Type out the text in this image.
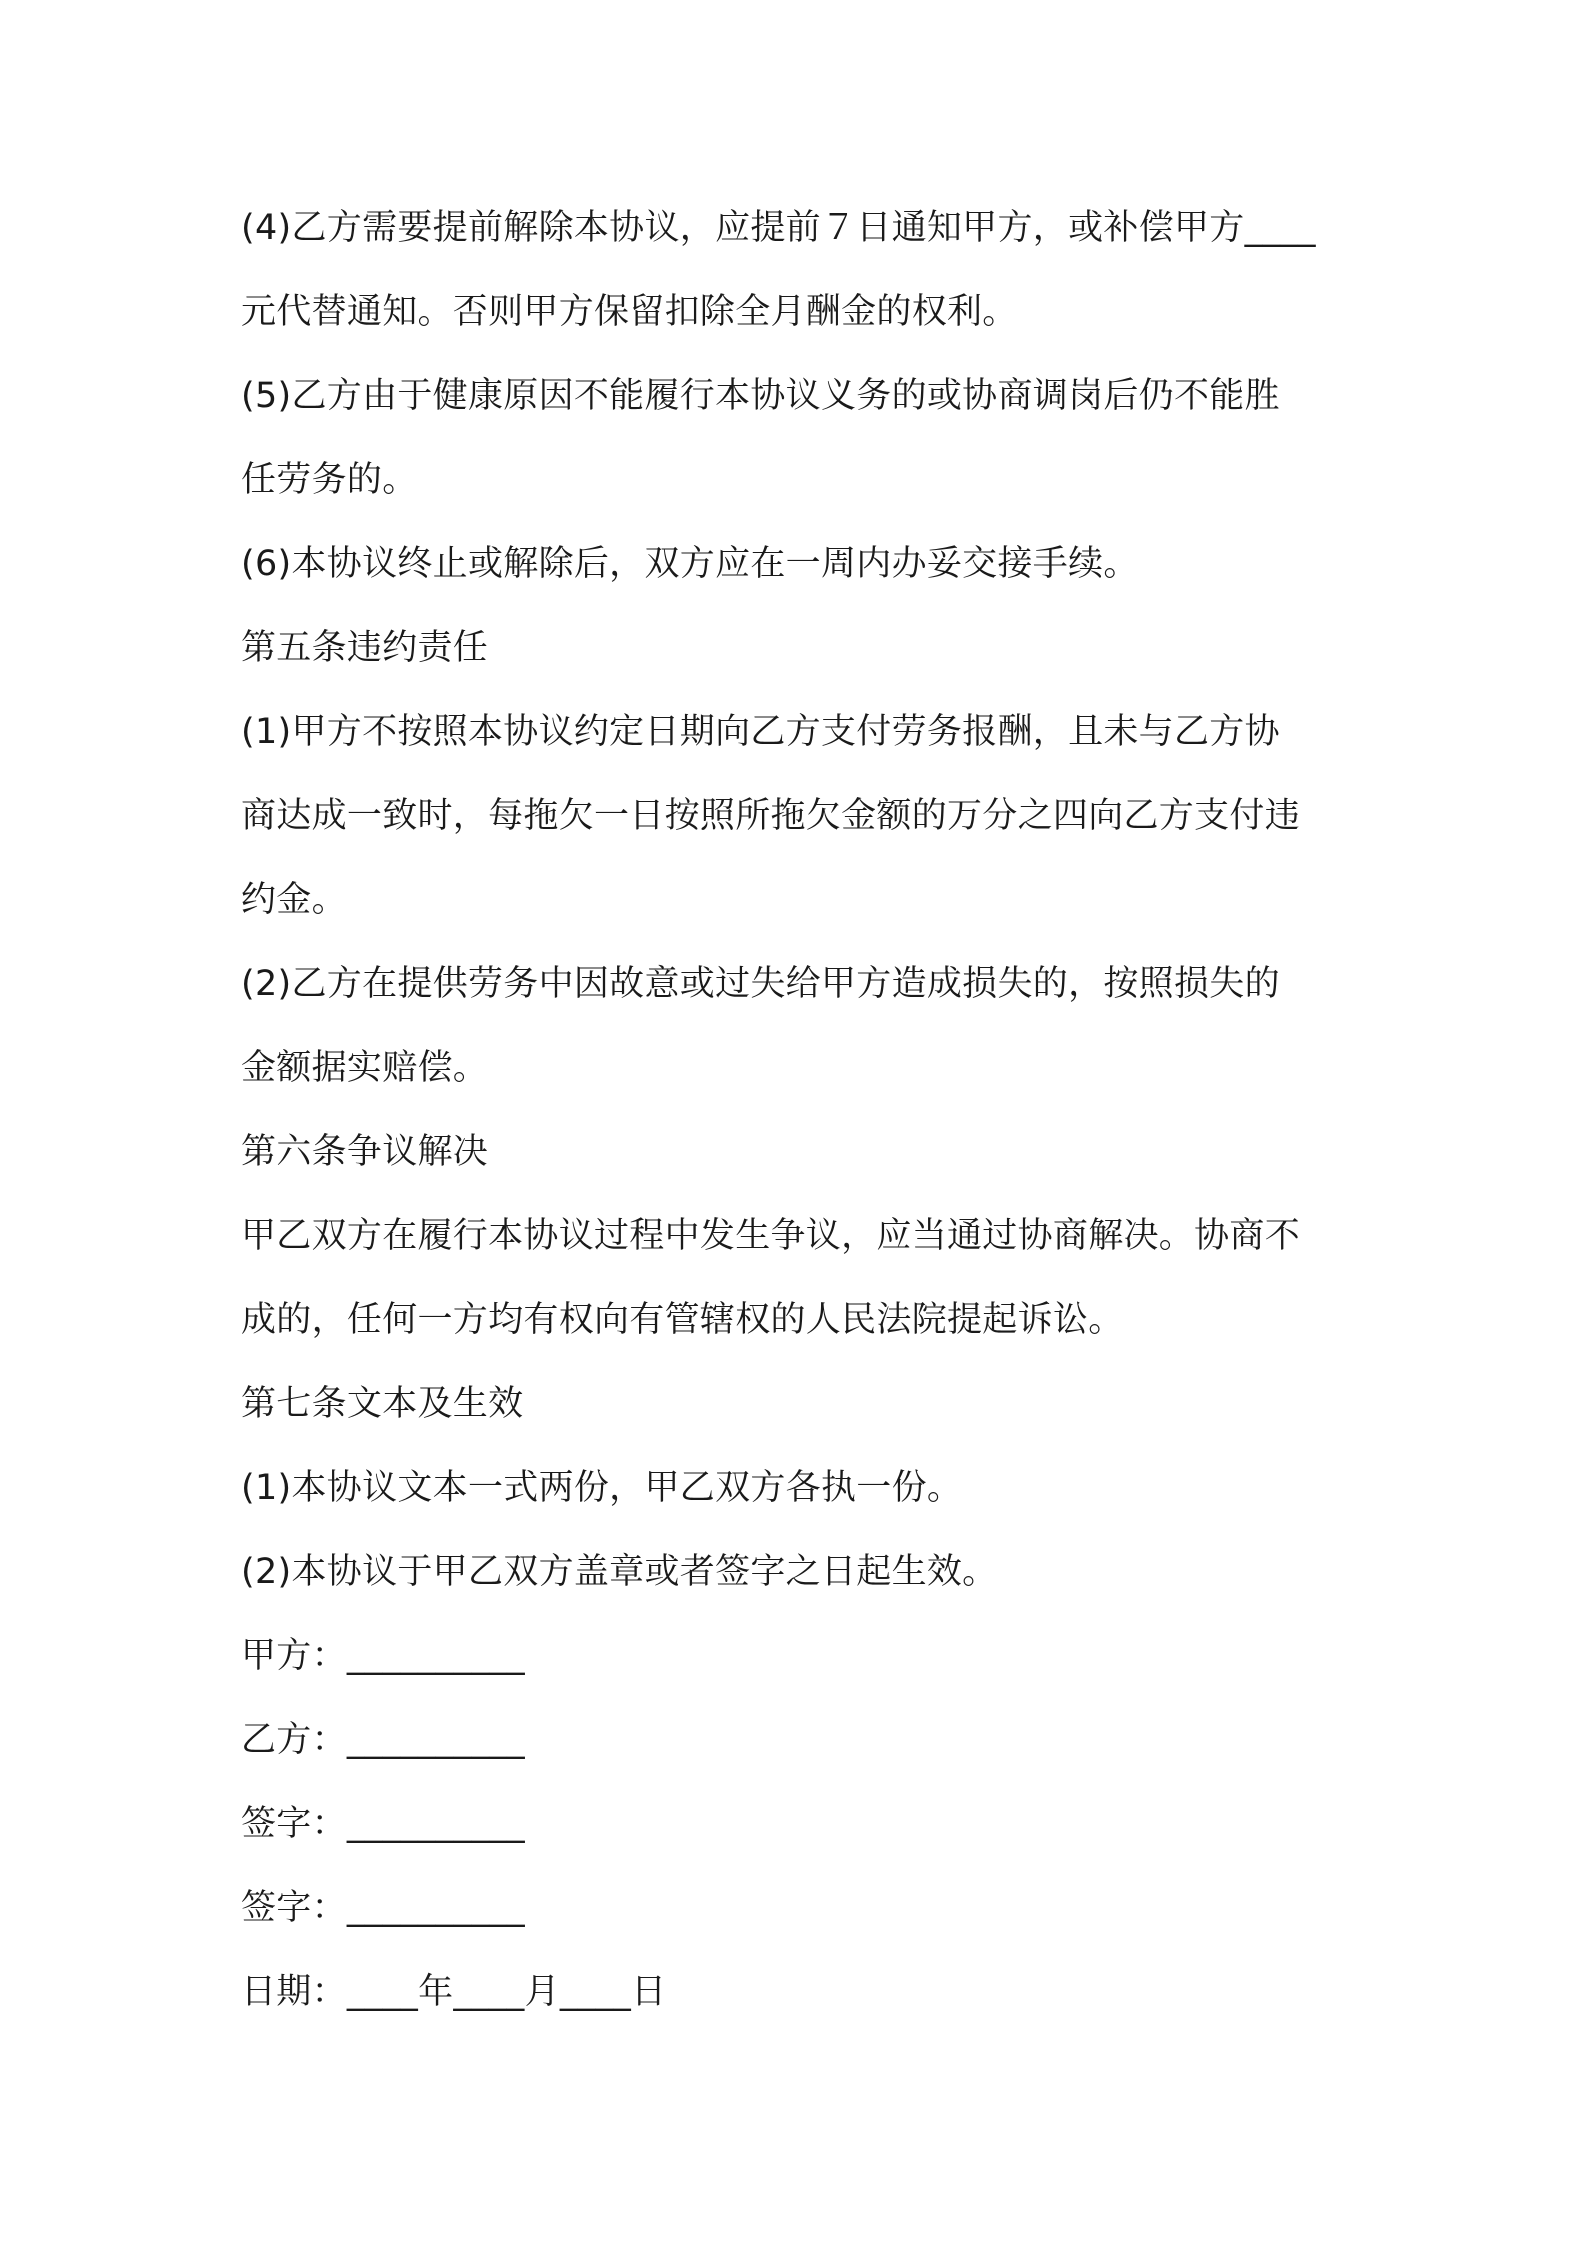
(4)乙方需要提前解除本协议，应提前７日通知甲方，或补偿甲方____
元代替通知。否则甲方保留扣除全月酬金的权利。
(5)乙方由于健康原因不能履行本协议义务的或协商调岗后仍不能胜
任劳务的。
(6)本协议终止或解除后，双方应在一周内办妥交接手续。
第五条违约责任
(1)甲方不按照本协议约定日期向乙方支付劳务报酬，且未与乙方协
商达成一致时，每拖欠一日按照所拖欠金额的万分之四向乙方支付违
约金。
(2)乙方在提供劳务中因故意或过失给甲方造成损失的，按照损失的
金额据实赔偿。
第六条争议解决
甲乙双方在履行本协议过程中发生争议，应当通过协商解决。协商不
成的，任何一方均有权向有管辖权的人民法院提起诉讼。
第七条文本及生效
(1)本协议文本一式两份，甲乙双方各执一份。
(2)本协议于甲乙双方盖章或者签字之日起生效。
甲方：__________
乙方：__________
签字：__________
签字：__________
日期：____年____月____日
